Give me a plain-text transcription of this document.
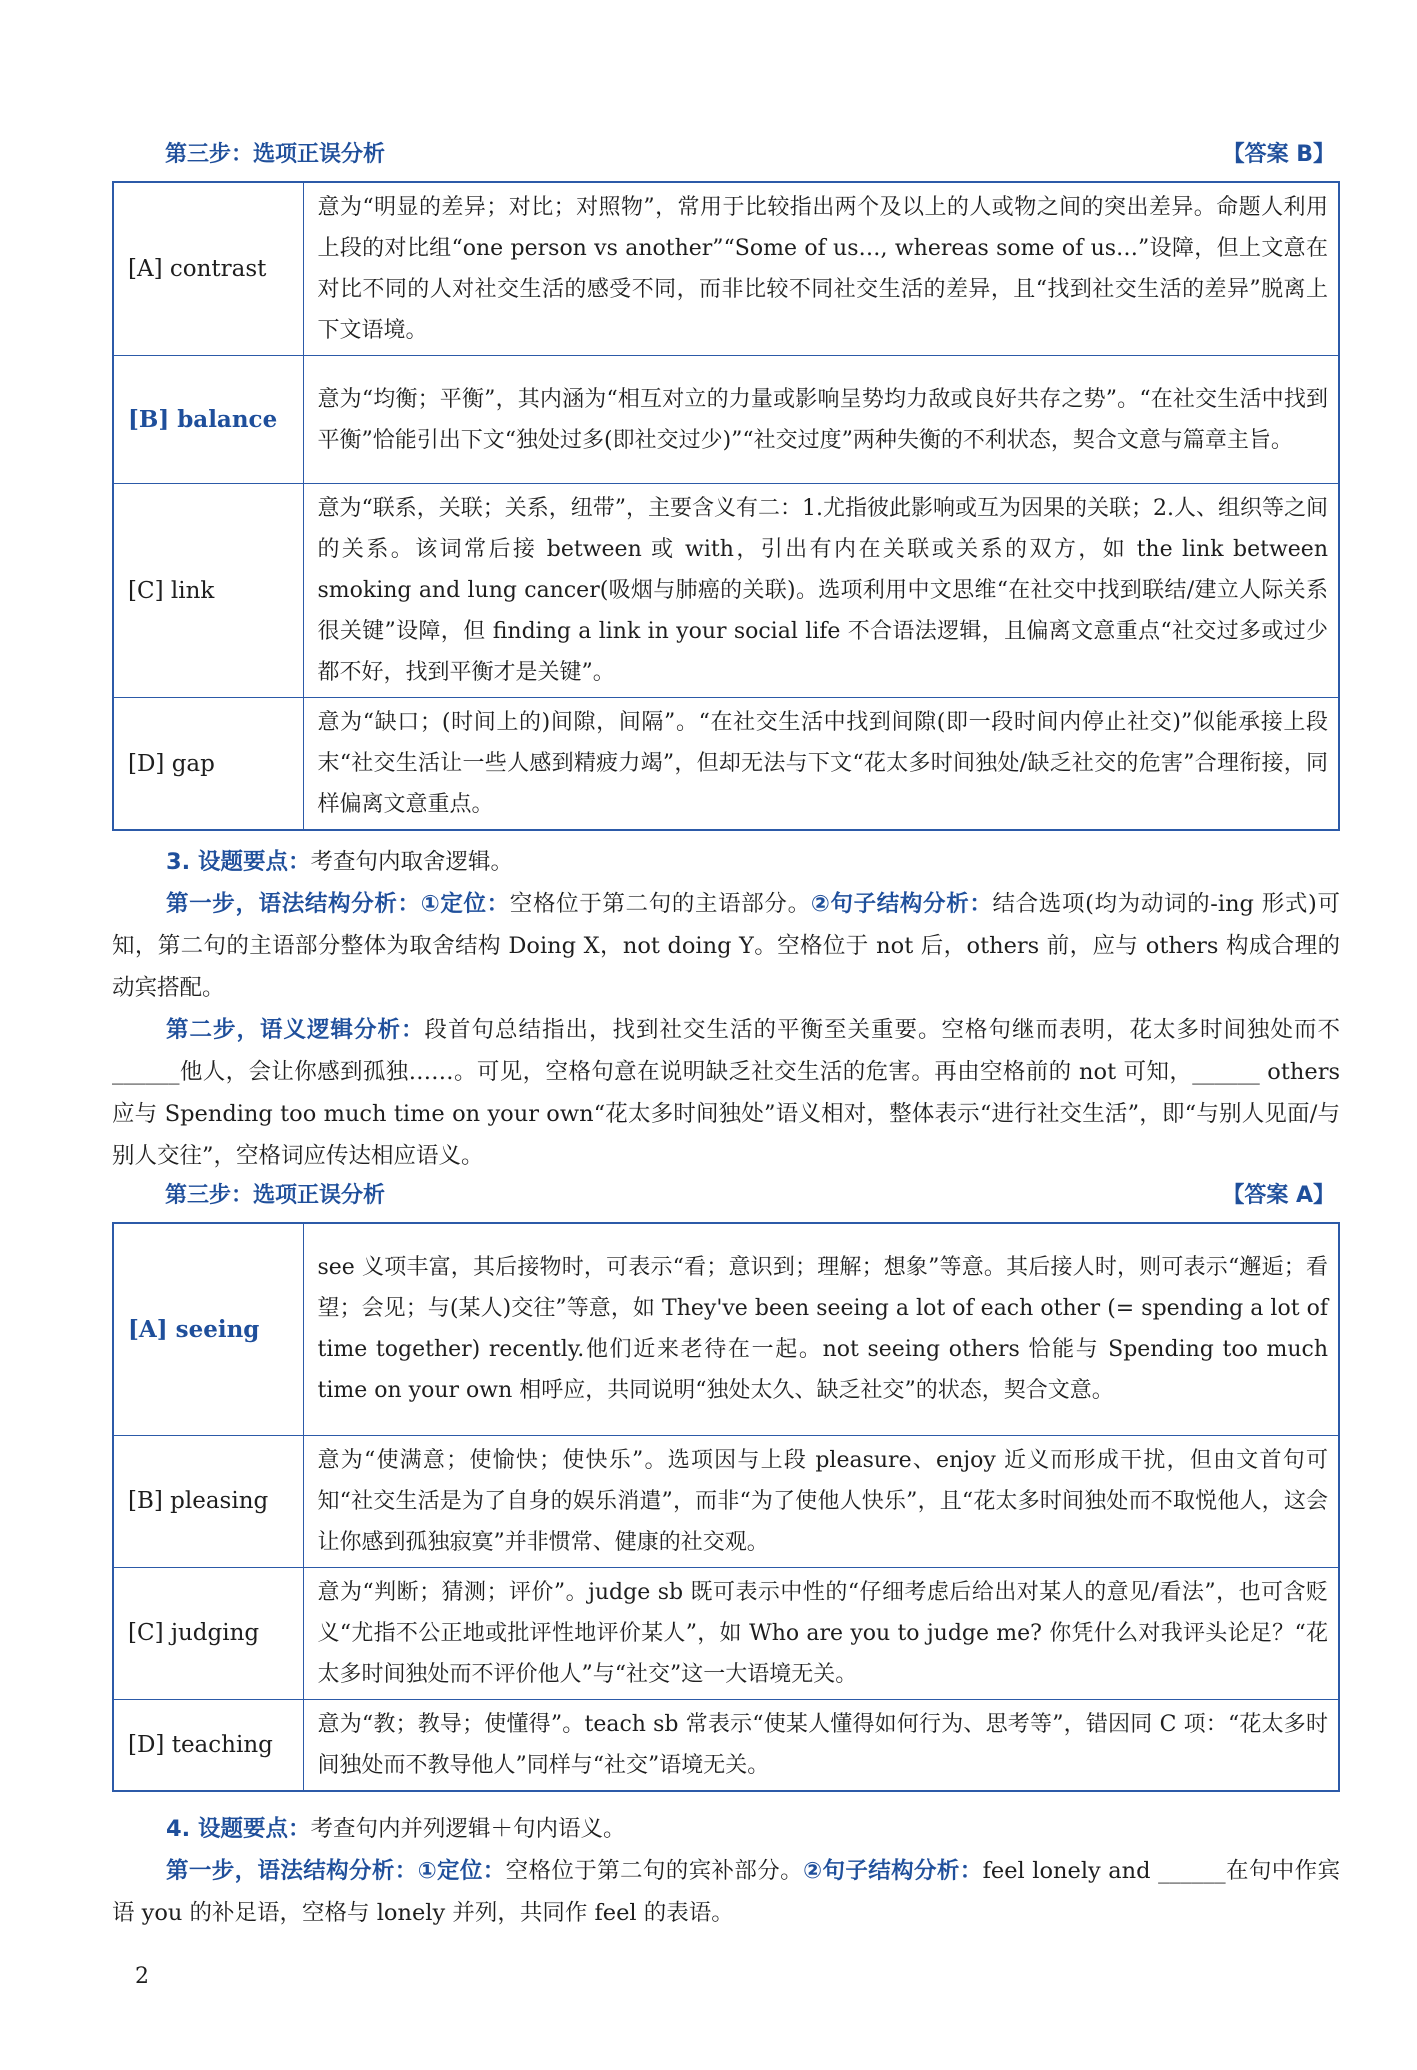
第三步：选项正误分析	【答案 B】
[A] contrast	意为“明显的差异；对比；对照物”，常用于比较指出两个及以上的人或物之间的突出差异。命题人利用上段的对比组“one person vs another”“Some of us…, whereas some of us…”设障，但上文意在对比不同的人对社交生活的感受不同，而非比较不同社交生活的差异，且“找到社交生活的差异”脱离上下文语境。
[B] balance	意为“均衡；平衡”，其内涵为“相互对立的力量或影响呈势均力敌或良好共存之势”。“在社交生活中找到平衡”恰能引出下文“独处过多(即社交过少)”“社交过度”两种失衡的不利状态，契合文意与篇章主旨。
[C] link	意为“联系，关联；关系，纽带”，主要含义有二：1.尤指彼此影响或互为因果的关联；2.人、组织等之间的关系。该词常后接 between 或 with，引出有内在关联或关系的双方，如 the link between smoking and lung cancer(吸烟与肺癌的关联)。选项利用中文思维“在社交中找到联结/建立人际关系很关键”设障，但 finding a link in your social life 不合语法逻辑，且偏离文意重点“社交过多或过少都不好，找到平衡才是关键”。
[D] gap	意为“缺口；(时间上的)间隙，间隔”。“在社交生活中找到间隙(即一段时间内停止社交)”似能承接上段末“社交生活让一些人感到精疲力竭”，但却无法与下文“花太多时间独处/缺乏社交的危害”合理衔接，同样偏离文意重点。
3. 设题要点：考查句内取舍逻辑。
第一步，语法结构分析：①定位：空格位于第二句的主语部分。②句子结构分析：结合选项(均为动词的-ing 形式)可知，第二句的主语部分整体为取舍结构 Doing X，not doing Y。空格位于 not 后，others 前，应与 others 构成合理的动宾搭配。
第二步，语义逻辑分析：段首句总结指出，找到社交生活的平衡至关重要。空格句继而表明，花太多时间独处而不______他人，会让你感到孤独……。可见，空格句意在说明缺乏社交生活的危害。再由空格前的 not 可知，______ others 应与 Spending too much time on your own“花太多时间独处”语义相对，整体表示“进行社交生活”，即“与别人见面/与别人交往”，空格词应传达相应语义。
第三步：选项正误分析	【答案 A】
[A] seeing	see 义项丰富，其后接物时，可表示“看；意识到；理解；想象”等意。其后接人时，则可表示“邂逅；看望；会见；与(某人)交往”等意，如 They've been seeing a lot of each other (= spending a lot of time together) recently.他们近来老待在一起。not seeing others 恰能与 Spending too much time on your own 相呼应，共同说明“独处太久、缺乏社交”的状态，契合文意。
[B] pleasing	意为“使满意；使愉快；使快乐”。选项因与上段 pleasure、enjoy 近义而形成干扰，但由文首句可知“社交生活是为了自身的娱乐消遣”，而非“为了使他人快乐”，且“花太多时间独处而不取悦他人，这会让你感到孤独寂寞”并非惯常、健康的社交观。
[C] judging	意为“判断；猜测；评价”。judge sb 既可表示中性的“仔细考虑后给出对某人的意见/看法”，也可含贬义“尤指不公正地或批评性地评价某人”，如 Who are you to judge me? 你凭什么对我评头论足？“花太多时间独处而不评价他人”与“社交”这一大语境无关。
[D] teaching	意为“教；教导；使懂得”。teach sb 常表示“使某人懂得如何行为、思考等”，错因同 C 项：“花太多时间独处而不教导他人”同样与“社交”语境无关。
4. 设题要点：考查句内并列逻辑＋句内语义。
第一步，语法结构分析：①定位：空格位于第二句的宾补部分。②句子结构分析：feel lonely and ______在句中作宾语 you 的补足语，空格与 lonely 并列，共同作 feel 的表语。
2
